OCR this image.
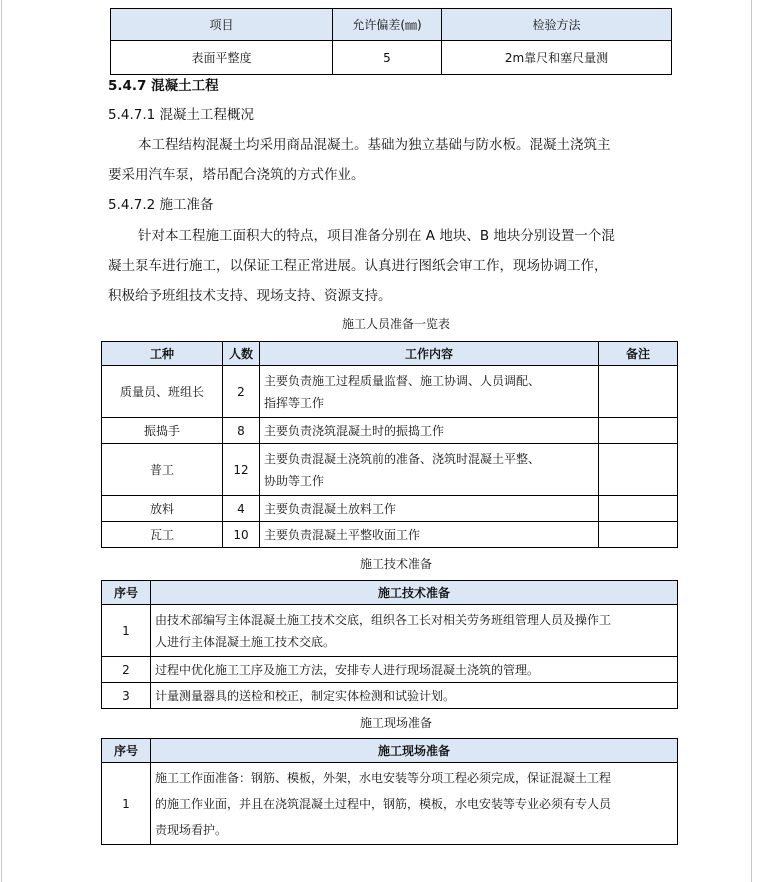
项目	允许偏差(㎜)	检验方法
表面平整度	5	2m靠尺和塞尺量测
5.4.7 混凝土工程
5.4.7.1 混凝土工程概况
本工程结构混凝土均采用商品混凝土。基础为独立基础与防水板。混凝土浇筑主
要采用汽车泵，塔吊配合浇筑的方式作业。
5.4.7.2 施工准备
针对本工程施工面积大的特点，项目准备分别在 A 地块、B 地块分别设置一个混
凝土泵车进行施工，以保证工程正常进展。认真进行图纸会审工作，现场协调工作，
积极给予班组技术支持、现场支持、资源支持。
施工人员准备一览表
工种	人数	工作内容	备注
质量员、班组长	2	主要负责施工过程质量监督、施工协调、人员调配、
指挥等工作	

振捣手	8	主要负责浇筑混凝土时的振捣工作	
普工	12	主要负责混凝土浇筑前的准备、浇筑时混凝土平整、
协助等工作	

放料	4	主要负责混凝土放料工作	
瓦工	10	主要负责混凝土平整收面工作	
施工技术准备
序号	施工技术准备
1	由技术部编写主体混凝土施工技术交底，组织各工长对相关劳务班组管理人员及操作工
人进行主体混凝土施工技术交底。

2	过程中优化施工工序及施工方法，安排专人进行现场混凝土浇筑的管理。
3	计量测量器具的送检和校正，制定实体检测和试验计划。
施工现场准备
序号	施工现场准备
1	施工工作面准备：钢筋、模板，外架，水电安装等分项工程必须完成，保证混凝土工程
的施工作业面，并且在浇筑混凝土过程中，钢筋，模板，水电安装等专业必须有专人员
责现场看护。
